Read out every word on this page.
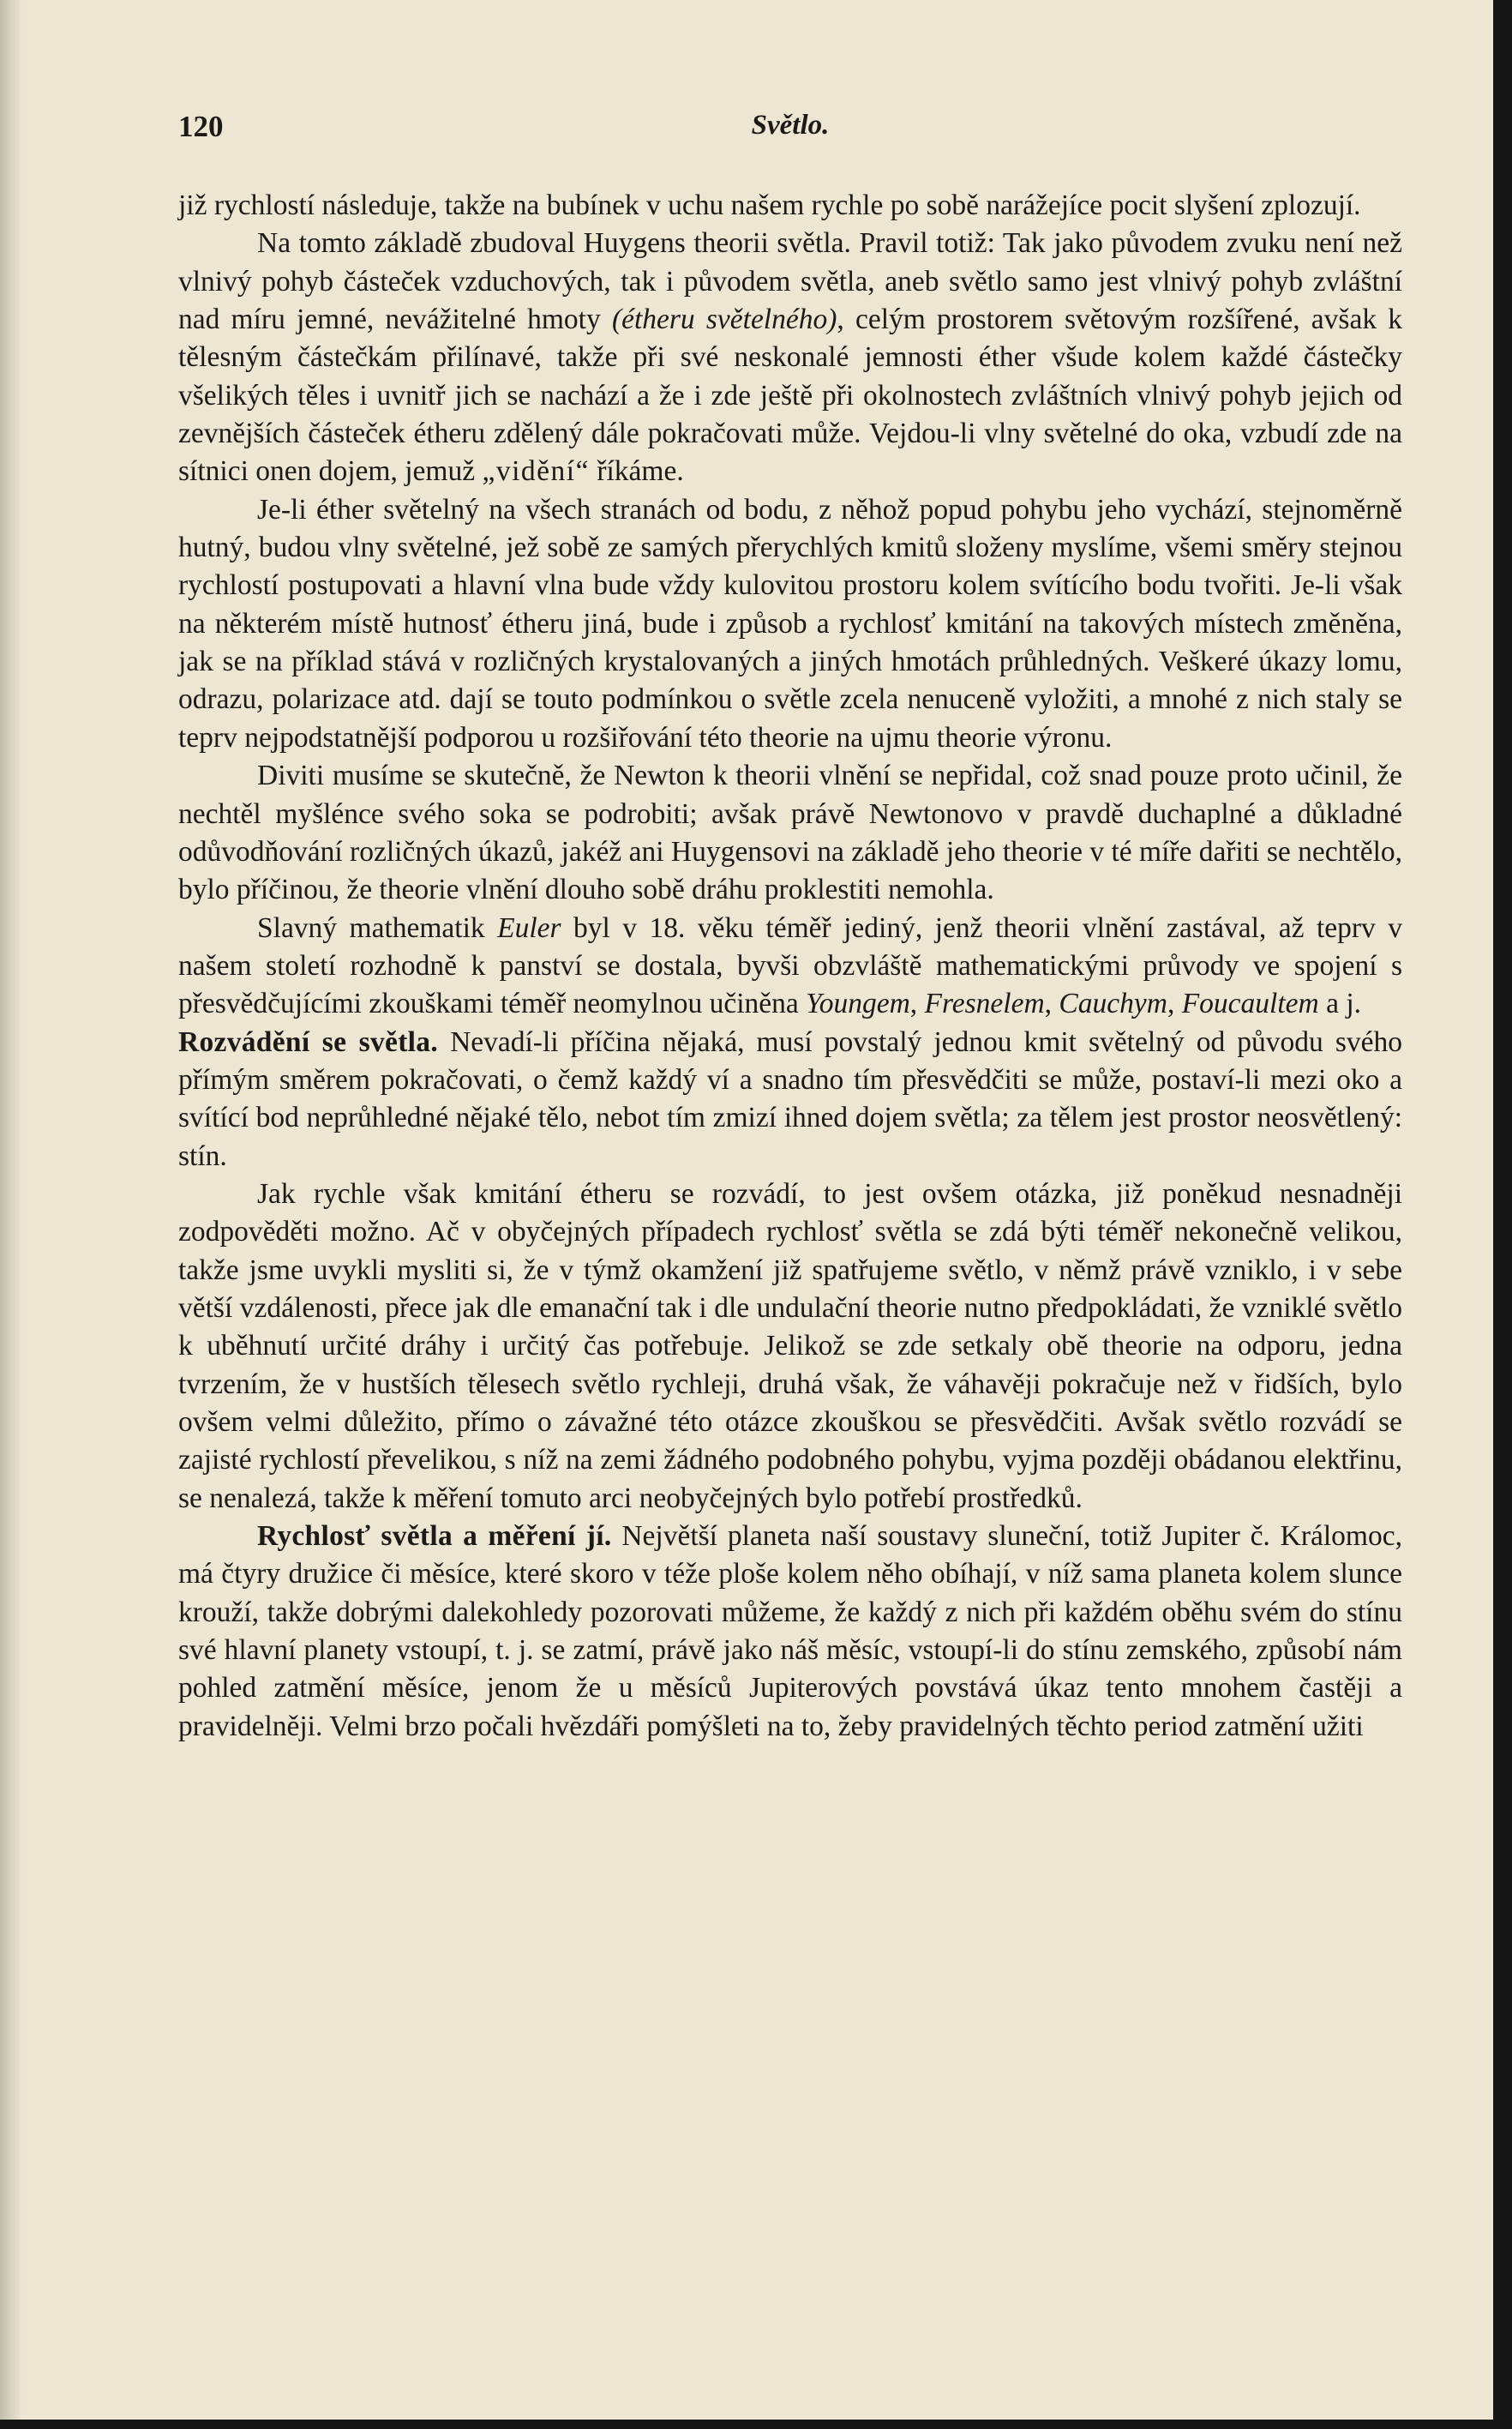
120	Světlo.

již rychlostí následuje, takže na bubínek v uchu našem rychle po sobě narážejíce pocit slyšení zplozují.

Na tomto základě zbudoval Huygens theorii světla. Pravil totiž: Tak jako původem zvuku není než vlnivý pohyb částeček vzduchových, tak i původem světla, aneb světlo samo jest vlnivý pohyb zvláštní nad míru jemné, nevážitelné hmoty (étheru světelného), celým prostorem světovým rozšířené, avšak k tělesným částečkám přilínavé, takže při své neskonalé jemnosti éther všude kolem každé částečky všelikých těles i uvnitř jich se nachází a že i zde ještě při okolnostech zvláštních vlnivý pohyb jejich od zevnějších částeček étheru zdělený dále pokračovati může. Vejdou-li vlny světelné do oka, vzbudí zde na sítnici onen dojem, jemuž „vidění“ říkáme.

Je-li éther světelný na všech stranách od bodu, z něhož popud pohybu jeho vychází, stejnoměrně hutný, budou vlny světelné, jež sobě ze samých přerychlých kmitů složeny myslíme, všemi směry stejnou rychlostí postupovati a hlavní vlna bude vždy kulovitou prostoru kolem svítícího bodu tvořiti. Je-li však na některém místě hutnosť étheru jiná, bude i způsob a rychlosť kmitání na takových místech změněna, jak se na příklad stává v rozličných krystalovaných a jiných hmotách průhledných. Veškeré úkazy lomu, odrazu, polarizace atd. dají se touto podmínkou o světle zcela nenuceně vyložiti, a mnohé z nich staly se teprv nejpodstatnější podporou u rozšiřování této theorie na ujmu theorie výronu.

Diviti musíme se skutečně, že Newton k theorii vlnění se nepřidal, což snad pouze proto učinil, že nechtěl myšlénce svého soka se podrobiti; avšak právě Newtonovo v pravdě duchaplné a důkladné odůvodňování rozličných úkazů, jakéž ani Huygensovi na základě jeho theorie v té míře dařiti se nechtělo, bylo příčinou, že theorie vlnění dlouho sobě dráhu proklestiti nemohla.

Slavný mathematik Euler byl v 18. věku téměř jediný, jenž theorii vlnění zastával, až teprv v našem století rozhodně k panství se dostala, byvši obzvláště mathematickými průvody ve spojení s přesvědčujícími zkouškami téměř neomylnou učiněna Youngem, Fresnelem, Cauchym, Foucaultem a j.

Rozvádění se světla. Nevadí-li příčina nějaká, musí povstalý jednou kmit světelný od původu svého přímým směrem pokračovati, o čemž každý ví a snadno tím přesvědčiti se může, postaví-li mezi oko a svítící bod neprůhledné nějaké tělo, nebot tím zmizí ihned dojem světla; za tělem jest prostor neosvětlený: stín.

Jak rychle však kmitání étheru se rozvádí, to jest ovšem otázka, již poněkud nesnadněji zodpověděti možno. Ač v obyčejných případech rychlosť světla se zdá býti téměř nekonečně velikou, takže jsme uvykli mysliti si, že v týmž okamžení již spatřujeme světlo, v němž právě vzniklo, i v sebe větší vzdálenosti, přece jak dle emanační tak i dle undulační theorie nutno předpokládati, že vzniklé světlo k uběhnutí určité dráhy i určitý čas potřebuje. Jelikož se zde setkaly obě theorie na odporu, jedna tvrzením, že v hustších tělesech světlo rychleji, druhá však, že váhavěji pokračuje než v řidších, bylo ovšem velmi důležito, přímo o závažné této otázce zkouškou se přesvědčiti. Avšak světlo rozvádí se zajisté rychlostí převelikou, s níž na zemi žádného podobného pohybu, vyjma později obádanou elektřinu, se nenalezá, takže k měření tomuto arci neobyčejných bylo potřebí prostředků.

Rychlosť světla a měření jí. Největší planeta naší soustavy sluneční, totiž Jupiter č. Králomoc, má čtyry družice či měsíce, které skoro v téže ploše kolem něho obíhají, v níž sama planeta kolem slunce krouží, takže dobrými dalekohledy pozorovati můžeme, že každý z nich při každém oběhu svém do stínu své hlavní planety vstoupí, t. j. se zatmí, právě jako náš měsíc, vstoupí-li do stínu zemského, způsobí nám pohled zatmění měsíce, jenom že u měsíců Jupiterových povstává úkaz tento mnohem častěji a pravidelněji. Velmi brzo počali hvězdáři pomýšleti na to, žeby pravidelných těchto period zatmění užiti
